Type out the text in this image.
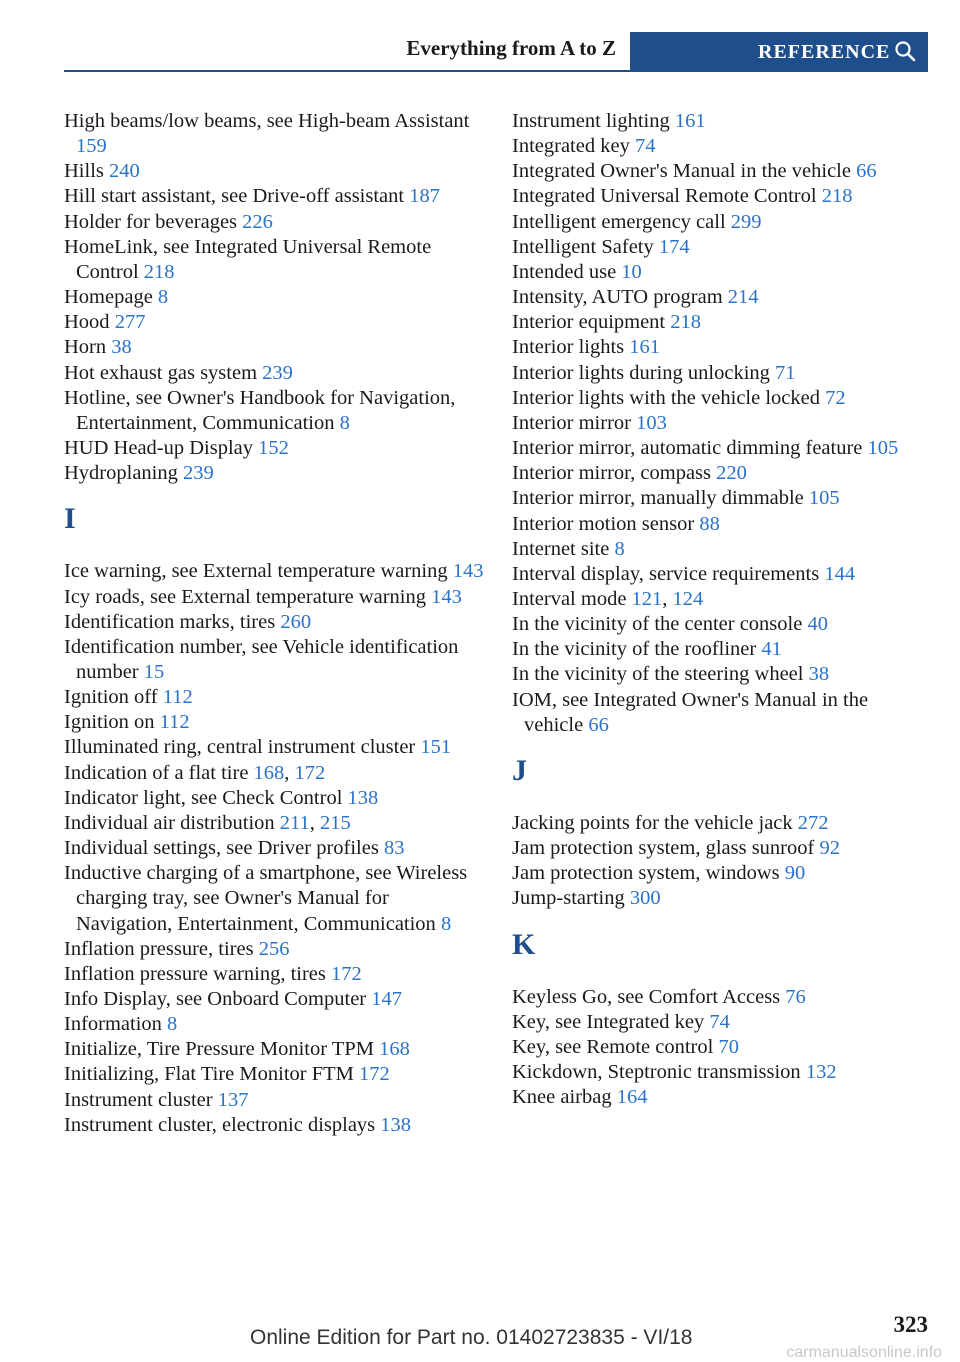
Everything from A to Z	REFERENCE
High beams/low beams, see High-beam Assistant 159
Hills 240
Hill start assistant, see Drive-off assistant 187
Holder for beverages 226
HomeLink, see Integrated Universal Remote Control 218
Homepage 8
Hood 277
Horn 38
Hot exhaust gas system 239
Hotline, see Owner's Handbook for Navigation, Entertainment, Communication 8
HUD Head-up Display 152
Hydroplaning 239
I
Ice warning, see External temperature warning 143
Icy roads, see External temperature warning 143
Identification marks, tires 260
Identification number, see Vehicle identification number 15
Ignition off 112
Ignition on 112
Illuminated ring, central instrument cluster 151
Indication of a flat tire 168, 172
Indicator light, see Check Control 138
Individual air distribution 211, 215
Individual settings, see Driver profiles 83
Inductive charging of a smartphone, see Wireless charging tray, see Owner's Manual for Navigation, Entertainment, Communication 8
Inflation pressure, tires 256
Inflation pressure warning, tires 172
Info Display, see Onboard Computer 147
Information 8
Initialize, Tire Pressure Monitor TPM 168
Initializing, Flat Tire Monitor FTM 172
Instrument cluster 137
Instrument cluster, electronic displays 138
Instrument lighting 161
Integrated key 74
Integrated Owner's Manual in the vehicle 66
Integrated Universal Remote Control 218
Intelligent emergency call 299
Intelligent Safety 174
Intended use 10
Intensity, AUTO program 214
Interior equipment 218
Interior lights 161
Interior lights during unlocking 71
Interior lights with the vehicle locked 72
Interior mirror 103
Interior mirror, automatic dimming feature 105
Interior mirror, compass 220
Interior mirror, manually dimmable 105
Interior motion sensor 88
Internet site 8
Interval display, service requirements 144
Interval mode 121, 124
In the vicinity of the center console 40
In the vicinity of the roofliner 41
In the vicinity of the steering wheel 38
IOM, see Integrated Owner's Manual in the vehicle 66
J
Jacking points for the vehicle jack 272
Jam protection system, glass sunroof 92
Jam protection system, windows 90
Jump-starting 300
K
Keyless Go, see Comfort Access 76
Key, see Integrated key 74
Key, see Remote control 70
Kickdown, Steptronic transmission 132
Knee airbag 164
323
Online Edition for Part no. 01402723835 - VI/18
carmanualsonline.info
